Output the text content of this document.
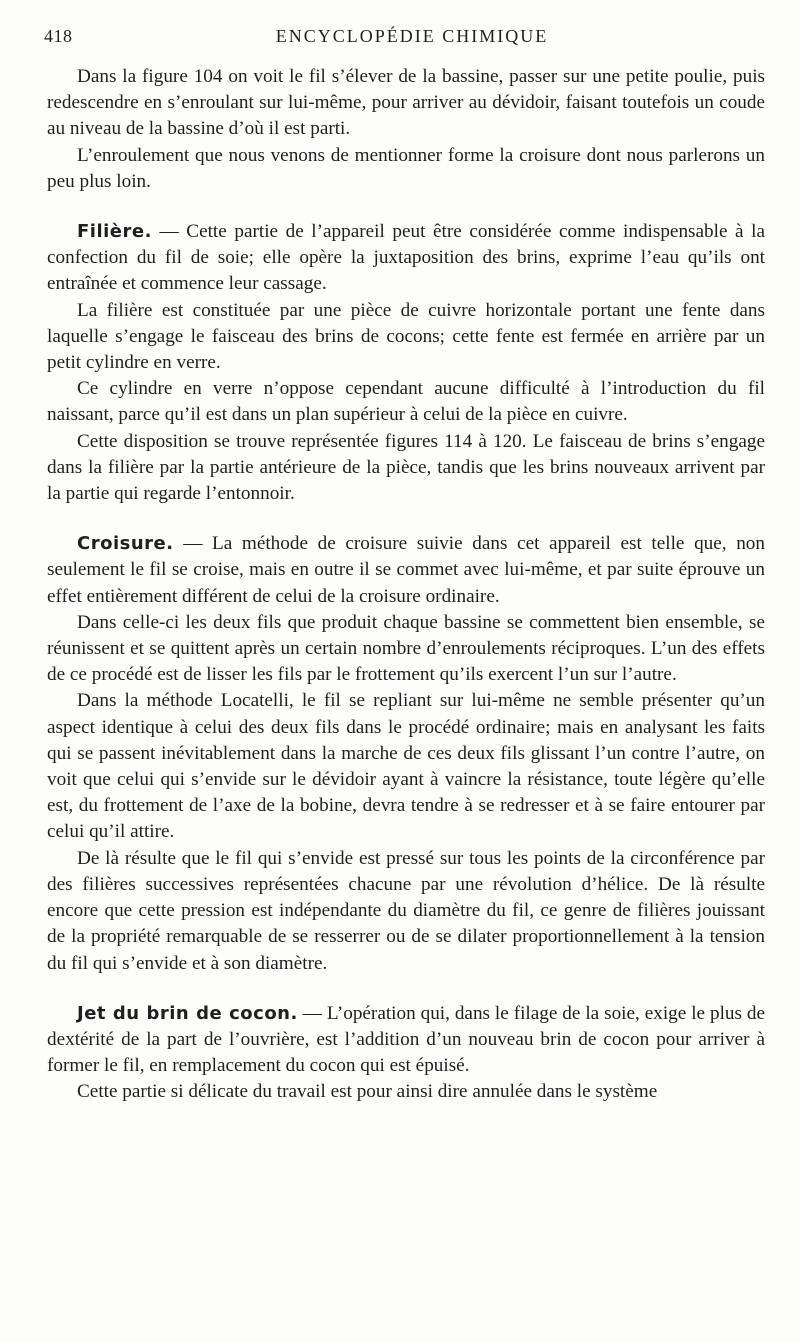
418	ENCYCLOPÉDIE CHIMIQUE

Dans la figure 104 on voit le fil s’élever de la bassine, passer sur une petite poulie, puis redescendre en s’enroulant sur lui-même, pour arriver au dévidoir, faisant toutefois un coude au niveau de la bassine d’où il est parti.

L’enroulement que nous venons de mentionner forme la croisure dont nous parlerons un peu plus loin.

Filière. — Cette partie de l’appareil peut être considérée comme indispensable à la confection du fil de soie; elle opère la juxtaposition des brins, exprime l’eau qu’ils ont entraînée et commence leur cassage.

La filière est constituée par une pièce de cuivre horizontale portant une fente dans laquelle s’engage le faisceau des brins de cocons; cette fente est fermée en arrière par un petit cylindre en verre.

Ce cylindre en verre n’oppose cependant aucune difficulté à l’introduction du fil naissant, parce qu’il est dans un plan supérieur à celui de la pièce en cuivre.

Cette disposition se trouve représentée figures 114 à 120. Le faisceau de brins s’engage dans la filière par la partie antérieure de la pièce, tandis que les brins nouveaux arrivent par la partie qui regarde l’entonnoir.

Croisure. — La méthode de croisure suivie dans cet appareil est telle que, non seulement le fil se croise, mais en outre il se commet avec lui-même, et par suite éprouve un effet entièrement différent de celui de la croisure ordinaire.

Dans celle-ci les deux fils que produit chaque bassine se commettent bien ensemble, se réunissent et se quittent après un certain nombre d’enroulements réciproques. L’un des effets de ce procédé est de lisser les fils par le frottement qu’ils exercent l’un sur l’autre.

Dans la méthode Locatelli, le fil se repliant sur lui-même ne semble présenter qu’un aspect identique à celui des deux fils dans le procédé ordinaire; mais en analysant les faits qui se passent inévitablement dans la marche de ces deux fils glissant l’un contre l’autre, on voit que celui qui s’envide sur le dévidoir ayant à vaincre la résistance, toute légère qu’elle est, du frottement de l’axe de la bobine, devra tendre à se redresser et à se faire entourer par celui qu’il attire.

De là résulte que le fil qui s’envide est pressé sur tous les points de la circonférence par des filières successives représentées chacune par une révolution d’hélice. De là résulte encore que cette pression est indépendante du diamètre du fil, ce genre de filières jouissant de la propriété remarquable de se resserrer ou de se dilater proportionnellement à la tension du fil qui s’envide et à son diamètre.

Jet du brin de cocon. — L’opération qui, dans le filage de la soie, exige le plus de dextérité de la part de l’ouvrière, est l’addition d’un nouveau brin de cocon pour arriver à former le fil, en remplacement du cocon qui est épuisé.

Cette partie si délicate du travail est pour ainsi dire annulée dans le système
